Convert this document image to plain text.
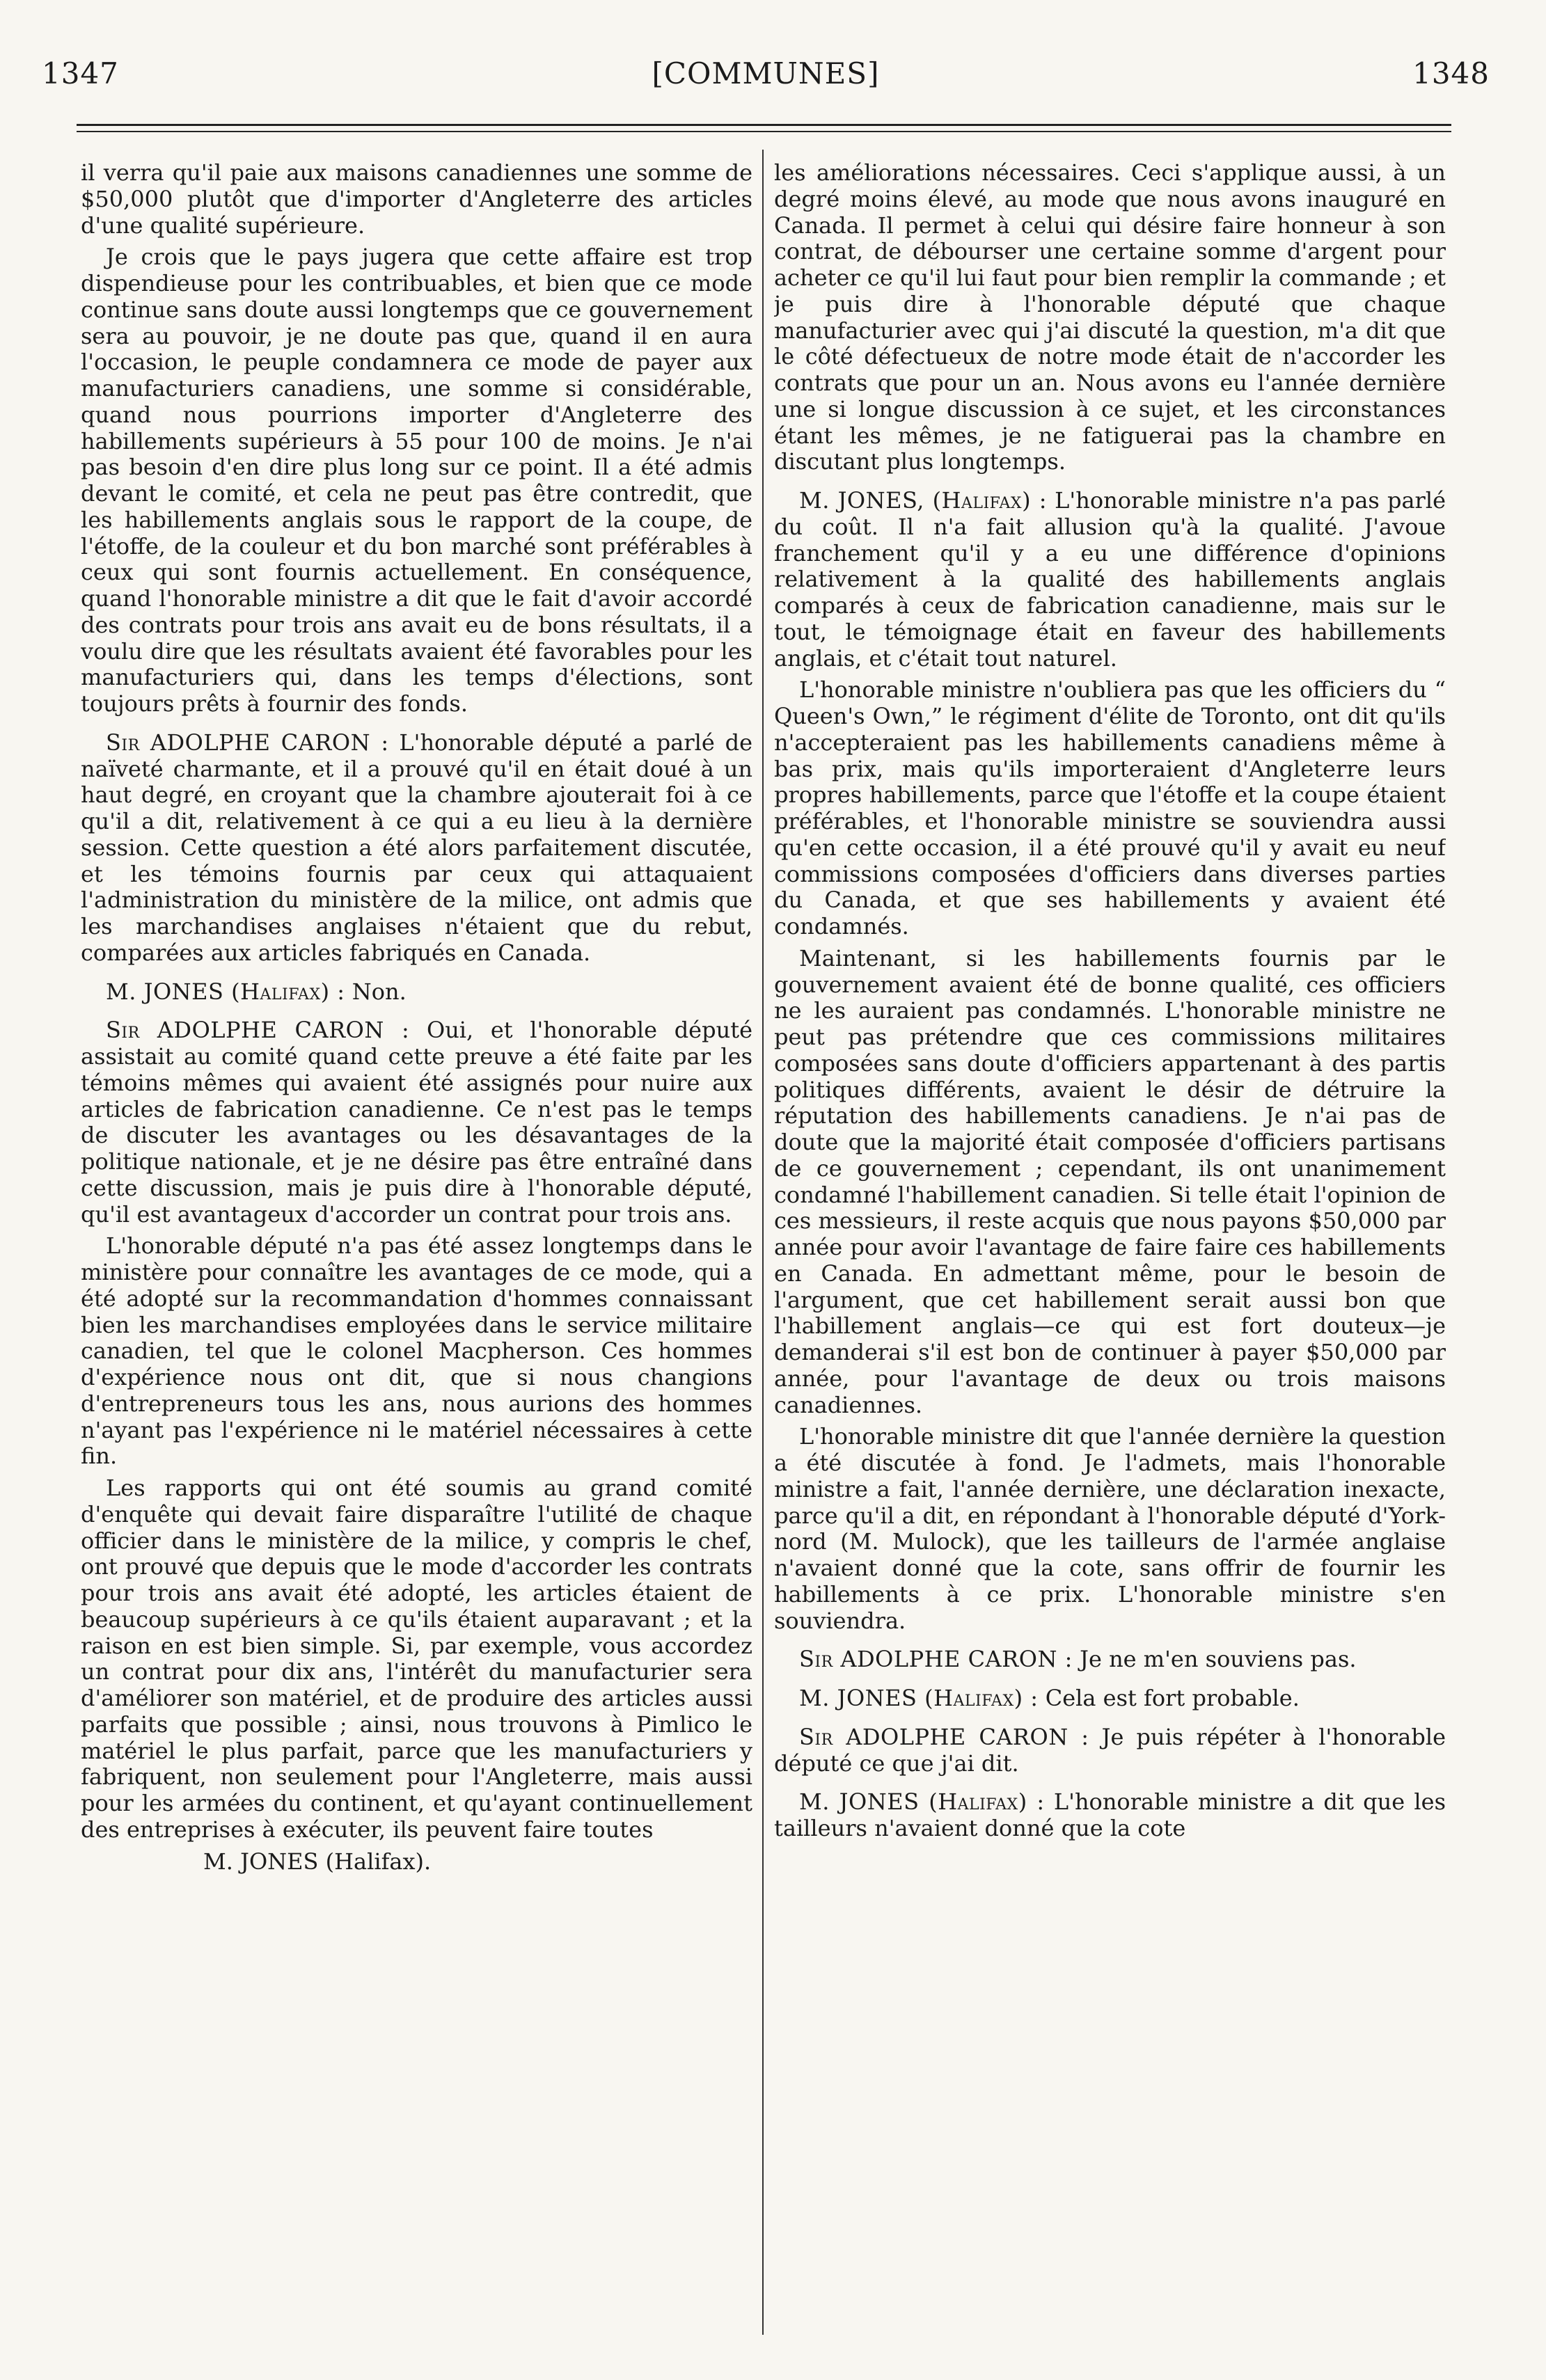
1347	[COMMUNES]	1348

il verra qu'il paie aux maisons canadiennes une somme de $50,000 plutôt que d'importer d'Angleterre des articles d'une qualité supérieure.

Je crois que le pays jugera que cette affaire est trop dispendieuse pour les contribuables, et bien que ce mode continue sans doute aussi longtemps que ce gouvernement sera au pouvoir, je ne doute pas que, quand il en aura l'occasion, le peuple condamnera ce mode de payer aux manufacturiers canadiens, une somme si considérable, quand nous pourrions importer d'Angleterre des habillements supérieurs à 55 pour 100 de moins. Je n'ai pas besoin d'en dire plus long sur ce point. Il a été admis devant le comité, et cela ne peut pas être contredit, que les habillements anglais sous le rapport de la coupe, de l'étoffe, de la couleur et du bon marché sont préférables à ceux qui sont fournis actuellement. En conséquence, quand l'honorable ministre a dit que le fait d'avoir accordé des contrats pour trois ans avait eu de bons résultats, il a voulu dire que les résultats avaient été favorables pour les manufacturiers qui, dans les temps d'élections, sont toujours prêts à fournir des fonds.

Sir ADOLPHE CARON : L'honorable député a parlé de naïveté charmante, et il a prouvé qu'il en était doué à un haut degré, en croyant que la chambre ajouterait foi à ce qu'il a dit, relativement à ce qui a eu lieu à la dernière session. Cette question a été alors parfaitement discutée, et les témoins fournis par ceux qui attaquaient l'administration du ministère de la milice, ont admis que les marchandises anglaises n'étaient que du rebut, comparées aux articles fabriqués en Canada.

M. JONES (Halifax) : Non.

Sir ADOLPHE CARON : Oui, et l'honorable député assistait au comité quand cette preuve a été faite par les témoins mêmes qui avaient été assignés pour nuire aux articles de fabrication canadienne. Ce n'est pas le temps de discuter les avantages ou les désavantages de la politique nationale, et je ne désire pas être entraîné dans cette discussion, mais je puis dire à l'honorable député, qu'il est avantageux d'accorder un contrat pour trois ans.

L'honorable député n'a pas été assez longtemps dans le ministère pour connaître les avantages de ce mode, qui a été adopté sur la recommandation d'hommes connaissant bien les marchandises employées dans le service militaire canadien, tel que le colonel Macpherson. Ces hommes d'expérience nous ont dit, que si nous changions d'entrepreneurs tous les ans, nous aurions des hommes n'ayant pas l'expérience ni le matériel nécessaires à cette fin.

Les rapports qui ont été soumis au grand comité d'enquête qui devait faire disparaître l'utilité de chaque officier dans le ministère de la milice, y compris le chef, ont prouvé que depuis que le mode d'accorder les contrats pour trois ans avait été adopté, les articles étaient de beaucoup supérieurs à ce qu'ils étaient auparavant ; et la raison en est bien simple. Si, par exemple, vous accordez un contrat pour dix ans, l'intérêt du manufacturier sera d'améliorer son matériel, et de produire des articles aussi parfaits que possible ; ainsi, nous trouvons à Pimlico le matériel le plus parfait, parce que les manufacturiers y fabriquent, non seulement pour l'Angleterre, mais aussi pour les armées du continent, et qu'ayant continuellement des entreprises à exécuter, ils peuvent faire toutes

M. JONES (Halifax).

les améliorations nécessaires. Ceci s'applique aussi, à un degré moins élevé, au mode que nous avons inauguré en Canada. Il permet à celui qui désire faire honneur à son contrat, de débourser une certaine somme d'argent pour acheter ce qu'il lui faut pour bien remplir la commande ; et je puis dire à l'honorable député que chaque manufacturier avec qui j'ai discuté la question, m'a dit que le côté défectueux de notre mode était de n'accorder les contrats que pour un an. Nous avons eu l'année dernière une si longue discussion à ce sujet, et les circonstances étant les mêmes, je ne fatiguerai pas la chambre en discutant plus longtemps.

M. JONES, (Halifax) : L'honorable ministre n'a pas parlé du coût. Il n'a fait allusion qu'à la qualité. J'avoue franchement qu'il y a eu une différence d'opinions relativement à la qualité des habillements anglais comparés à ceux de fabrication canadienne, mais sur le tout, le témoignage était en faveur des habillements anglais, et c'était tout naturel.

L'honorable ministre n'oubliera pas que les officiers du “ Queen's Own,” le régiment d'élite de Toronto, ont dit qu'ils n'accepteraient pas les habillements canadiens même à bas prix, mais qu'ils importeraient d'Angleterre leurs propres habillements, parce que l'étoffe et la coupe étaient préférables, et l'honorable ministre se souviendra aussi qu'en cette occasion, il a été prouvé qu'il y avait eu neuf commissions composées d'officiers dans diverses parties du Canada, et que ses habillements y avaient été condamnés.

Maintenant, si les habillements fournis par le gouvernement avaient été de bonne qualité, ces officiers ne les auraient pas condamnés. L'honorable ministre ne peut pas prétendre que ces commissions militaires composées sans doute d'officiers appartenant à des partis politiques différents, avaient le désir de détruire la réputation des habillements canadiens. Je n'ai pas de doute que la majorité était composée d'officiers partisans de ce gouvernement ; cependant, ils ont unanimement condamné l'habillement canadien. Si telle était l'opinion de ces messieurs, il reste acquis que nous payons $50,000 par année pour avoir l'avantage de faire faire ces habillements en Canada. En admettant même, pour le besoin de l'argument, que cet habillement serait aussi bon que l'habillement anglais—ce qui est fort douteux—je demanderai s'il est bon de continuer à payer $50,000 par année, pour l'avantage de deux ou trois maisons canadiennes.

L'honorable ministre dit que l'année dernière la question a été discutée à fond. Je l'admets, mais l'honorable ministre a fait, l'année dernière, une déclaration inexacte, parce qu'il a dit, en répondant à l'honorable député d'York-nord (M. Mulock), que les tailleurs de l'armée anglaise n'avaient donné que la cote, sans offrir de fournir les habillements à ce prix. L'honorable ministre s'en souviendra.

Sir ADOLPHE CARON : Je ne m'en souviens pas.

M. JONES (Halifax) : Cela est fort probable.

Sir ADOLPHE CARON : Je puis répéter à l'honorable député ce que j'ai dit.

M. JONES (Halifax) : L'honorable ministre a dit que les tailleurs n'avaient donné que la cote
